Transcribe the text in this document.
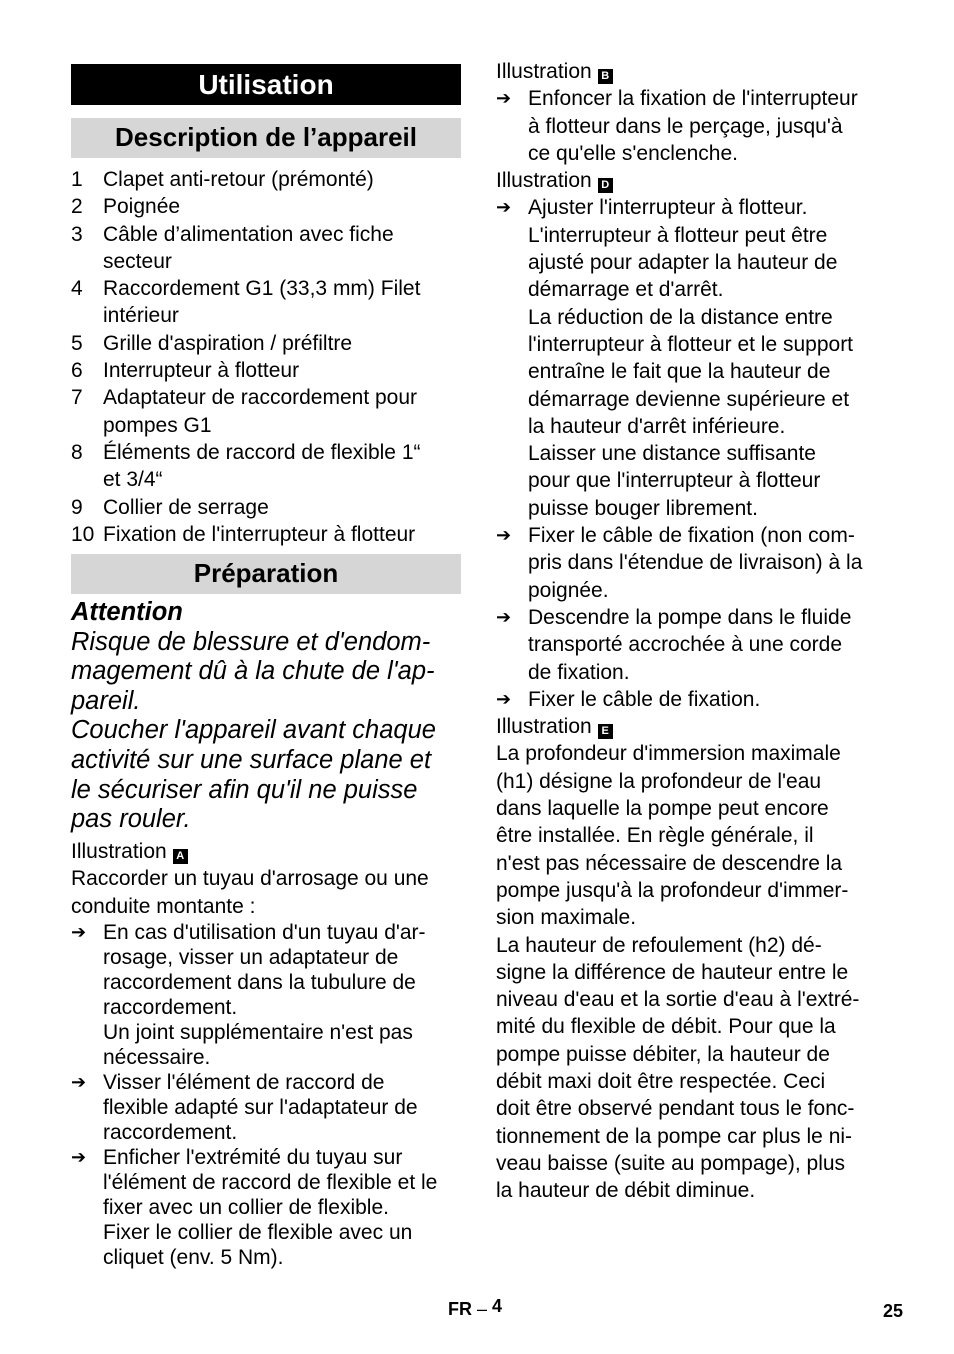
Utilisation
Description de l’appareil
1 Clapet anti-retour (prémonté)
2 Poignée
3 Câble d’alimentation avec fiche
secteur
4 Raccordement G1 (33,3 mm) Filet
intérieur
5 Grille d'aspiration / préfiltre
6 Interrupteur à flotteur
7 Adaptateur de raccordement pour
pompes G1
8 Éléments de raccord de flexible 1“
et 3/4“
9 Collier de serrage
10 Fixation de l'interrupteur à flotteur
Préparation
Attention
Risque de blessure et d'endom-
magement dû à la chute de l'ap-
pareil.
Coucher l'appareil avant chaque
activité sur une surface plane et
le sécuriser afin qu'il ne puisse
pas rouler.
Illustration A
Raccorder un tuyau d'arrosage ou une
conduite montante :
➔ En cas d'utilisation d'un tuyau d'ar-
rosage, visser un adaptateur de
raccordement dans la tubulure de
raccordement.
Un joint supplémentaire n'est pas
nécessaire.
➔ Visser l'élément de raccord de
flexible adapté sur l'adaptateur de
raccordement.
➔ Enficher l'extrémité du tuyau sur
l'élément de raccord de flexible et le
fixer avec un collier de flexible.
Fixer le collier de flexible avec un
cliquet (env. 5 Nm).
Illustration B
➔ Enfoncer la fixation de l'interrupteur
à flotteur dans le perçage, jusqu'à
ce qu'elle s'enclenche.
Illustration D
➔ Ajuster l'interrupteur à flotteur.
L'interrupteur à flotteur peut être
ajusté pour adapter la hauteur de
démarrage et d'arrêt.
La réduction de la distance entre
l'interrupteur à flotteur et le support
entraîne le fait que la hauteur de
démarrage devienne supérieure et
la hauteur d'arrêt inférieure.
Laisser une distance suffisante
pour que l'interrupteur à flotteur
puisse bouger librement.
➔ Fixer le câble de fixation (non com-
pris dans l'étendue de livraison) à la
poignée.
➔ Descendre la pompe dans le fluide
transporté accrochée à une corde
de fixation.
➔ Fixer le câble de fixation.
Illustration E
La profondeur d'immersion maximale
(h1) désigne la profondeur de l'eau
dans laquelle la pompe peut encore
être installée. En règle générale, il
n'est pas nécessaire de descendre la
pompe jusqu'à la profondeur d'immer-
sion maximale.
La hauteur de refoulement (h2) dé-
signe la différence de hauteur entre le
niveau d'eau et la sortie d'eau à l'extré-
mité du flexible de débit. Pour que la
pompe puisse débiter, la hauteur de
débit maxi doit être respectée. Ceci
doit être observé pendant tous le fonc-
tionnement de la pompe car plus le ni-
veau baisse (suite au pompage), plus
la hauteur de débit diminue.
FR – 4	25
